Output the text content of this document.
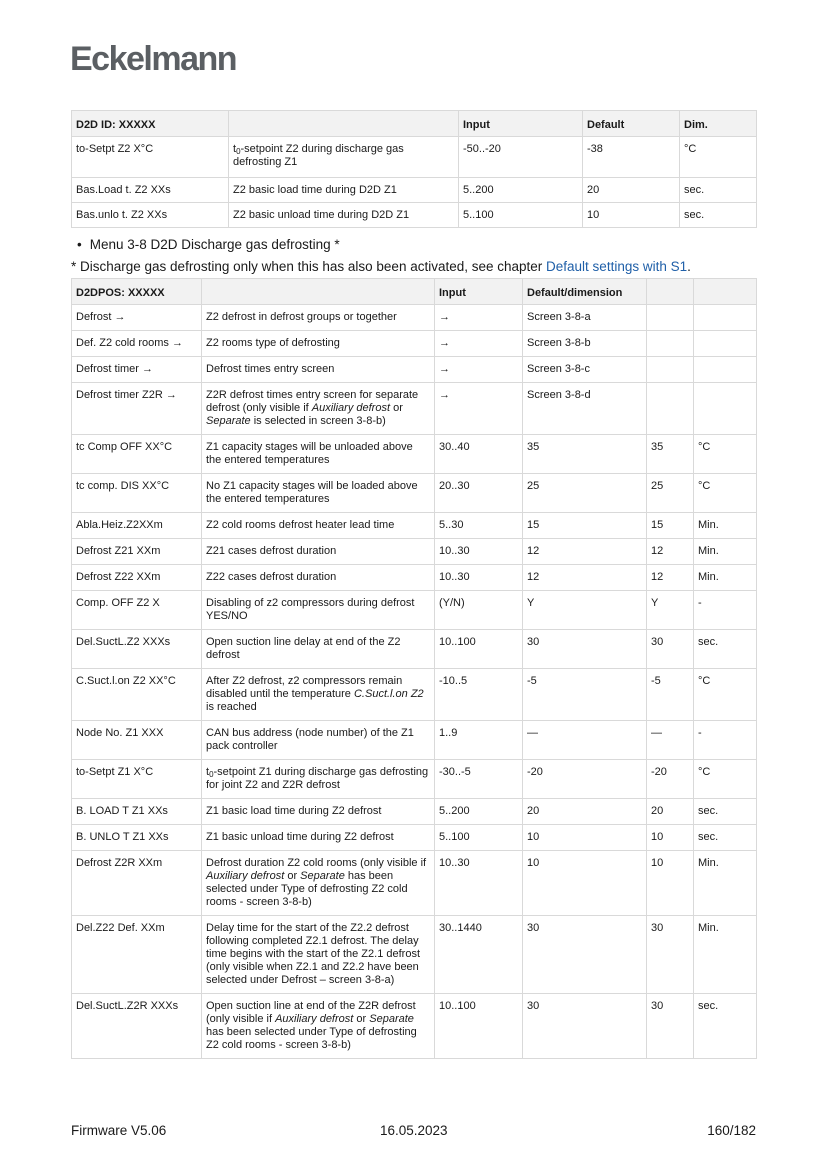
Eckelmann
D2D ID: XXXXX		Input	Default	Dim.
to-Setpt Z2 X°C	$t_0$-setpoint Z2 during discharge gas defrosting Z1	-50..-20	-38	°C
Bas.Load t. Z2 XXs	Z2 basic load time during D2D Z1	5..200	20	sec.
Bas.unlo t. Z2 XXs	Z2 basic unload time during D2D Z1	5..100	10	sec.
• Menu 3-8 D2D Discharge gas defrosting *
* Discharge gas defrosting only when this has also been activated, see chapter Default settings with S1.
D2DPOS: XXXXX		Input	Default/dimension		
Defrost →	Z2 defrost in defrost groups or together	→	Screen 3-8-a		
Def. Z2 cold rooms →	Z2 rooms type of defrosting	→	Screen 3-8-b		
Defrost timer →	Defrost times entry screen	→	Screen 3-8-c		
Defrost timer Z2R →	Z2R defrost times entry screen for separate defrost (only visible if Auxiliary defrost or Separate is selected in screen 3-8-b)	→	Screen 3-8-d		
tc Comp OFF XX°C	Z1 capacity stages will be unloaded above the entered temperatures	30..40	35	35	°C
tc comp. DIS XX°C	No Z1 capacity stages will be loaded above the entered temperatures	20..30	25	25	°C
Abla.Heiz.Z2XXm	Z2 cold rooms defrost heater lead time	5..30	15	15	Min.
Defrost Z21 XXm	Z21 cases defrost duration	10..30	12	12	Min.
Defrost Z22 XXm	Z22 cases defrost duration	10..30	12	12	Min.
Comp. OFF Z2 X	Disabling of z2 compressors during defrost YES/NO	(Y/N)	Y	Y	-
Del.SuctL.Z2 XXXs	Open suction line delay at end of the Z2 defrost	10..100	30	30	sec.
C.Suct.l.on Z2 XX°C	After Z2 defrost, z2 compressors remain disabled until the temperature C.Suct.l.on Z2 is reached	-10..5	-5	-5	°C
Node No. Z1 XXX	CAN bus address (node number) of the Z1 pack controller	1..9	—	—	-
to-Setpt Z1 X°C	$t_0$-setpoint Z1 during discharge gas defrosting for joint Z2 and Z2R defrost	-30..-5	-20	-20	°C
B. LOAD T Z1 XXs	Z1 basic load time during Z2 defrost	5..200	20	20	sec.
B. UNLO T Z1 XXs	Z1 basic unload time during Z2 defrost	5..100	10	10	sec.
Defrost Z2R XXm	Defrost duration Z2 cold rooms (only visible if Auxiliary defrost or Separate has been selected under Type of defrosting Z2 cold rooms - screen 3-8-b)	10..30	10	10	Min.
Del.Z22 Def. XXm	Delay time for the start of the Z2.2 defrost following completed Z2.1 defrost. The delay time begins with the start of the Z2.1 defrost (only visible when Z2.1 and Z2.2 have been selected under Defrost – screen 3-8-a)	30..1440	30	30	Min.
Del.SuctL.Z2R XXXs	Open suction line at end of the Z2R defrost (only visible if Auxiliary defrost or Separate has been selected under Type of defrosting Z2 cold rooms - screen 3-8-b)	10..100	30	30	sec.
Firmware V5.06	16.05.2023	160/182
